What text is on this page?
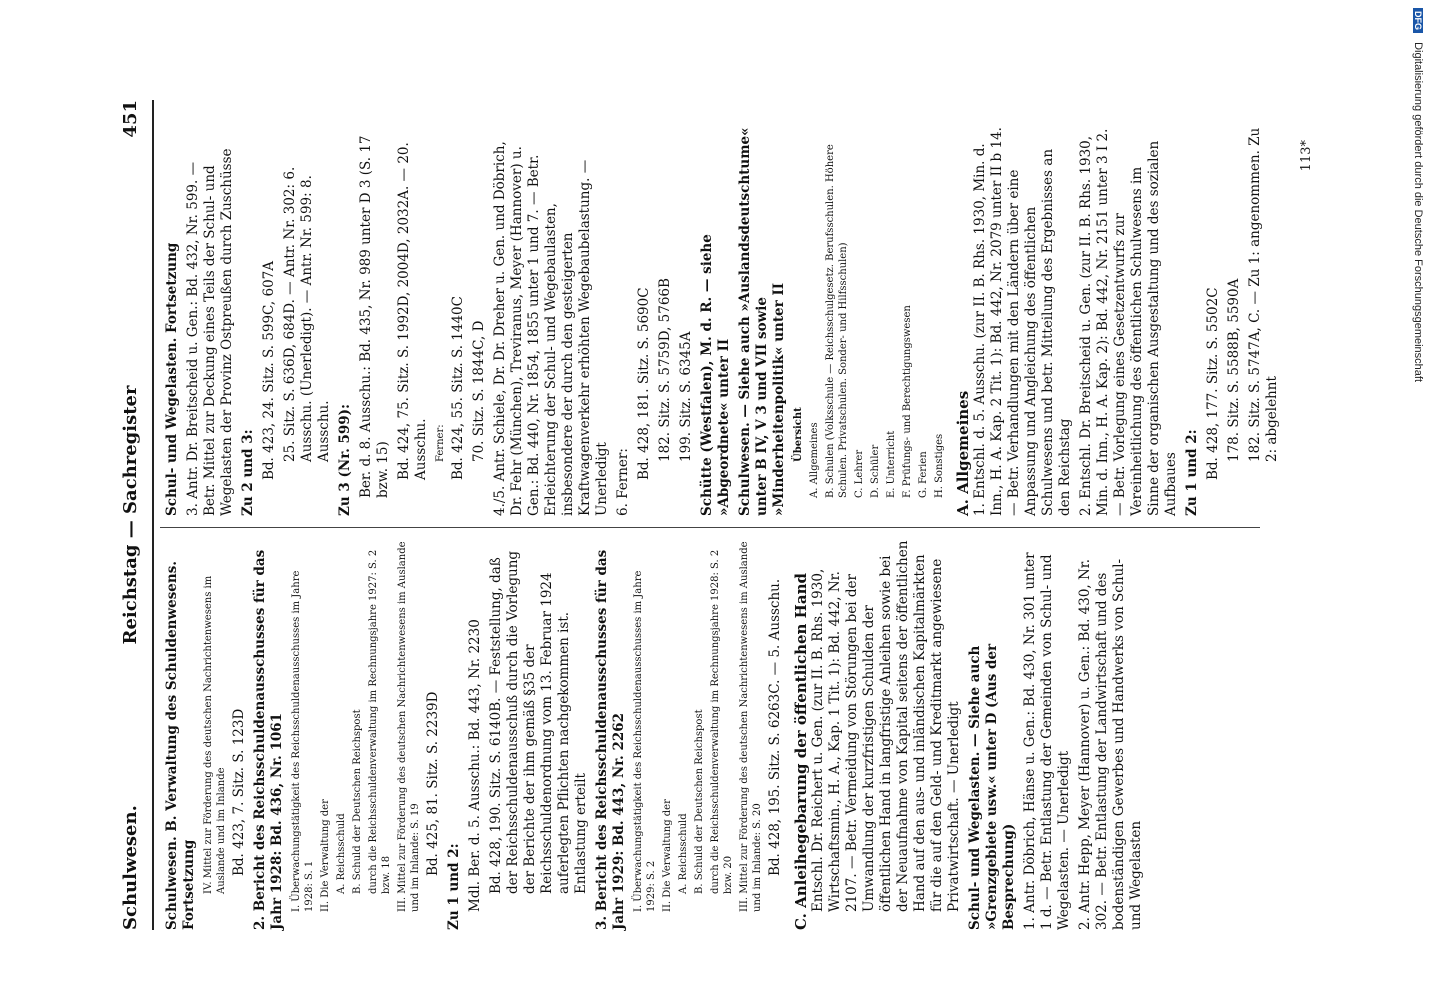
Schulwesen.
Reichstag — Sachregister
451
Schulwesen. B. Verwaltung des Schuldenwesens. Fortsetzung IV. Mittel zur Förderung des deutschen Nachrichtenwesens im Auslande und im Inlande Bd. 423, 7. Sitz. S. 123D 2. Bericht des Reichsschuldenausschusses für das Jahr 1928: Bd. 436, Nr. 1061 I. Überwachungstätigkeit des Reichsschuldenausschusses im Jahre 1928: S. 1 II. Die Verwaltung der A. Reichsschuld B. Schuld der Deutschen Reichspost durch die Reichsschuldenverwaltung im Rechnungsjahre 1927: S. 2 bzw. 18 III. Mittel zur Förderung des deutschen Nachrichtenwesens im Auslande und im Inlande: S. 19 Bd. 425, 81. Sitz. S. 2239D
Zu 1 und 2: Mdl. Ber. d. 5. Ausschu.: Bd. 443, Nr. 2230 Bd. 428, 190. Sitz. S. 6140B. — Feststellung, daß der Reichsschuldenausschuß durch die Vorlegung der Berichte der ihm gemäß §35 der Reichsschuldenordnung vom 13. Februar 1924 auferlegten Pflichten nachgekommen ist. Entlastung erteilt 3. Bericht des Reichsschuldenausschusses für das Jahr 1929: Bd. 443, Nr. 2262 I. Überwachungstätigkeit des Reichsschuldenausschusses im Jahre 1929: S. 2 II. Die Verwaltung der A. Reichsschuld B. Schuld der Deutschen Reichspost durch die Reichsschuldenverwaltung im Rechnungsjahre 1928: S. 2 bzw. 20 III. Mittel zur Förderung des deutschen Nachrichtenwesens im Auslande und im Inlande: S. 20 Bd. 428, 195. Sitz. S. 6263C. — 5. Ausschu. C. Anleihegebarung der öffentlichen Hand Entschl. Dr. Reichert u. Gen. (zur II. B. Rhs. 1930, Wirtschaftsmin., H. A., Kap. 1 Tit. 1): Bd. 442, Nr. 2107. — Betr. Vermeidung von Störungen bei der Umwandlung der kurzfristigen Schulden der öffentlichen Hand in langfristige Anleihen sowie bei der Neuaufnahme von Kapital seitens der öffentlichen Hand auf den aus- und inländischen Kapitalmärkten für die auf den Geld- und Kreditmarkt angewiesene Privatwirtschaft. — Unerledigt Schul- und Wegelasten. — Siehe auch »Grenzgebiete usw.« unter D (Aus der Besprechung) 1. Antr. Döbrich, Hänse u. Gen.: Bd. 430, Nr. 301 unter 1 d. — Betr. Entlastung der Gemeinden von Schul- und Wegelasten. — Unerledigt 2. Antr. Hepp, Meyer (Hannover) u. Gen.: Bd. 430, Nr. 302. — Betr. Entlastung der Landwirtschaft und des bodenständigen Gewerbes und Handwerks von Schul- und Wegelasten
Schul- und Wegelasten. Fortsetzung 3. Antr. Dr. Breitscheid u. Gen.: Bd. 432, Nr. 599. — Betr. Mittel zur Deckung eines Teils der Schul- und Wegelasten der Provinz Ostpreußen durch Zuschüsse Zu 2 und 3: Bd. 423, 24. Sitz. S. 599C, 607A 25. Sitz. S. 636D, 684D. — Antr. Nr. 302: 6. Ausschu. (Unerledigt). — Antr. Nr. 599: 8. Ausschu. Zu 3 (Nr. 599): Ber. d. 8. Ausschu.: Bd. 435, Nr. 989 unter D 3 (S. 17 bzw. 15) Bd. 424, 75. Sitz. S. 1992D, 2004D, 2032A. — 20. Ausschu. Ferner: Bd. 424, 55. Sitz. S. 1440C 70. Sitz. S. 1844C, D 4./5. Antr. Schiele, Dr. Dr. Dreher u. Gen. und Döbrich, Dr. Fehr (München), Treviranus, Meyer (Hannover) u. Gen.: Bd. 440, Nr. 1854, 1855 unter 1 und 7. — Betr. Erleichterung der Schul- und Wegebaulasten, insbesondere der durch den gesteigerten Kraftwagenverkehr erhöhten Wegebaubelastung. — Unerledigt 6. Ferner:
Bd. 428, 181. Sitz. S. 5690C 182. Sitz. S. 5759D, 5766B 199. Sitz. S. 6345A Schütte (Westfalen), M. d. R. — siehe »Abgeordnete« unter II Schulwesen. — Siehe auch »Auslandsdeutschtume« unter B IV, V 3 und VII sowie »Minderheitenpolitik« unter II Übersicht A. Allgemeines B. Schulen (Volksschule — Reichsschulgesetz. Berufsschulen. Höhere Schulen. Privatschulen. Sonder- und Hilfsschulen) C. Lehrer D. Schüler E. Unterricht F. Prüfungs- und Berechtigungswesen G. Ferien H. Sonstiges A. Allgemeines 1. Entschl. d. 5. Ausschu. (zur II. B. Rhs. 1930, Min. d. Inn., H. A. Kap. 2 Tit. 1): Bd. 442, Nr. 2079 unter II b 14. — Betr. Verhandlungen mit den Ländern über eine Anpassung und Angleichung des öffentlichen Schulwesens und betr. Mitteilung des Ergebnisses an den Reichstag 2. Entschl. Dr. Breitscheid u. Gen. (zur II. B. Rhs. 1930, Min. d. Inn., H. A. Kap. 2): Bd. 442, Nr. 2151 unter 3 I 2. — Betr. Vorlegung eines Gesetzentwurfs zur Vereinheitlichung des öffentlichen Schulwesens im Sinne der organischen Ausgestaltung und des sozialen Aufbaues Zu 1 und 2: Bd. 428, 177. Sitz. S. 5502C 178. Sitz. S. 5588B, 5590A 182. Sitz. S. 5747A, C. — Zu 1: angenommen. Zu 2: abgelehnt
113*
DFG Digitalisierung gefördert durch die Deutsche Forschungsgemeinschaft
